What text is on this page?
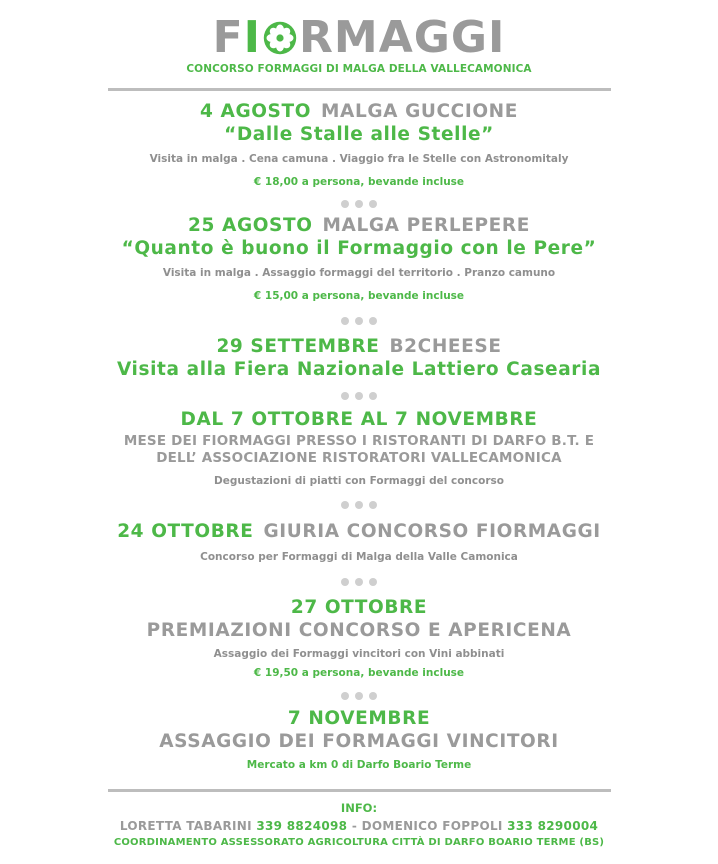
FI RMAGGI
CONCORSO FORMAGGI DI MALGA DELLA VALLECAMONICA
4 AGOSTO MALGA GUCCIONE
“Dalle Stalle alle Stelle”
Visita in malga . Cena camuna . Viaggio fra le Stelle con Astronomitaly
€ 18,00 a persona, bevande incluse
25 AGOSTO MALGA PERLEPERE
“Quanto è buono il Formaggio con le Pere”
Visita in malga . Assaggio formaggi del territorio . Pranzo camuno
€ 15,00 a persona, bevande incluse
29 SETTEMBRE B2CHEESE
Visita alla Fiera Nazionale Lattiero Casearia
DAL 7 OTTOBRE AL 7 NOVEMBRE
MESE DEI FIORMAGGI PRESSO I RISTORANTI DI DARFO B.T. E
DELL’ ASSOCIAZIONE RISTORATORI VALLECAMONICA
Degustazioni di piatti con Formaggi del concorso
24 OTTOBRE GIURIA CONCORSO FIORMAGGI
Concorso per Formaggi di Malga della Valle Camonica
27 OTTOBRE
PREMIAZIONI CONCORSO E APERICENA
Assaggio dei Formaggi vincitori con Vini abbinati
€ 19,50 a persona, bevande incluse
7 NOVEMBRE
ASSAGGIO DEI FORMAGGI VINCITORI
Mercato a km 0 di Darfo Boario Terme
INFO:
LORETTA TABARINI 339 8824098 - DOMENICO FOPPOLI 333 8290004
COORDINAMENTO ASSESSORATO AGRICOLTURA CITTÀ DI DARFO BOARIO TERME (BS)
